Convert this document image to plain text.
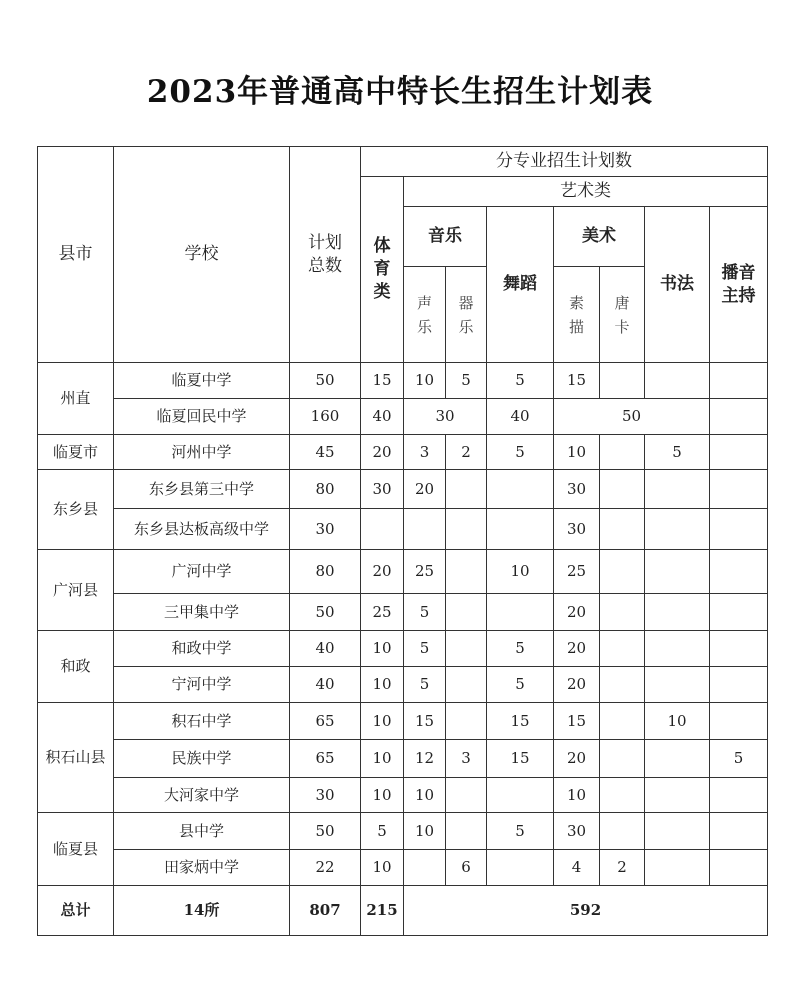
2023年普通高中特长生招生计划表
县市	学校	计划总数	分专业招生计划数							
			体育类	艺术类						
				音乐		舞蹈	美术		书法	播音主持
				声乐	器乐		素描	唐卡		
州直	临夏中学	50	15	10	5	5	15			
	临夏回民中学	160	40	30		40	50			
临夏市	河州中学	45	20	3	2	5	10		5	
东乡县	东乡县第三中学	80	30	20			30			
	东乡县达板高级中学	30					30			
广河县	广河中学	80	20	25		10	25			
	三甲集中学	50	25	5			20			
和政	和政中学	40	10	5		5	20			
	宁河中学	40	10	5		5	20			
积石山县	积石中学	65	10	15		15	15		10	
	民族中学	65	10	12	3	15	20			5
	大河家中学	30	10	10			10			
临夏县	县中学	50	5	10		5	30			
	田家炳中学	22	10		6		4	2		
总计	14所	807	215	592						
